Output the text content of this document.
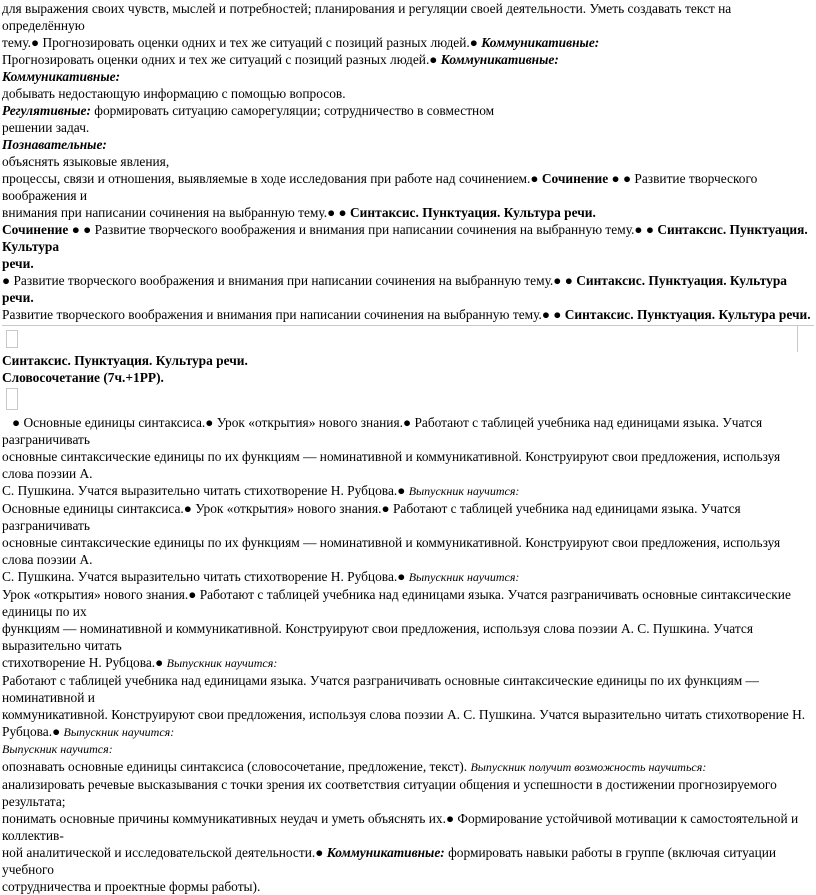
для выражения своих чувств, мыслей и потребностей; планирования и регуляции своей деятельности. Уметь создавать текст на определённую

тему.● Прогнозировать оценки одних и тех же ситуаций с позиций разных людей.● Коммуникативные:

Прогнозировать оценки одних и тех же ситуаций с позиций разных людей.● Коммуникативные:

Коммуникативные:

добывать недостающую информацию с помощью вопросов.

Регулятивные: формировать ситуацию саморегуляции; сотрудничество в совместном

решении задач.

Познавательные:

объяснять языковые явления,

процессы, связи и отношения, выявляемые в ходе исследования при работе над сочинением.● Сочинение ● ● Развитие творческого воображения и

внимания при написании сочинения на выбранную тему.● ● Синтаксис. Пунктуация. Культура речи.

Сочинение ● ● Развитие творческого воображения и внимания при написании сочинения на выбранную тему.● ● Синтаксис. Пунктуация. Культура

речи.

● Развитие творческого воображения и внимания при написании сочинения на выбранную тему.● ● Синтаксис. Пунктуация. Культура речи.

Развитие творческого воображения и внимания при написании сочинения на выбранную тему.● ● Синтаксис. Пунктуация. Культура речи.

Синтаксис. Пунктуация. Культура речи.

Словосочетание (7ч.+1РР).

● Основные единицы синтаксиса.● Урок «открытия» нового знания.● Работают с таблицей учебника над единицами языка. Учатся разграничивать

основные синтаксические единицы по их функциям — номинативной и коммуникативной. Конструируют свои предложения, используя слова поэзии А.

С. Пушкина. Учатся выразительно читать стихотворение Н. Рубцова.● Выпускник научится:

Основные единицы синтаксиса.● Урок «открытия» нового знания.● Работают с таблицей учебника над единицами языка. Учатся разграничивать

основные синтаксические единицы по их функциям — номинативной и коммуникативной. Конструируют свои предложения, используя слова поэзии А.

С. Пушкина. Учатся выразительно читать стихотворение Н. Рубцова.● Выпускник научится:

Урок «открытия» нового знания.● Работают с таблицей учебника над единицами языка. Учатся разграничивать основные синтаксические единицы по их

функциям — номинативной и коммуникативной. Конструируют свои предложения, используя слова поэзии А. С. Пушкина. Учатся выразительно читать

стихотворение Н. Рубцова.● Выпускник научится:

Работают с таблицей учебника над единицами языка. Учатся разграничивать основные синтаксические единицы по их функциям — номинативной и

коммуникативной. Конструируют свои предложения, используя слова поэзии А. С. Пушкина. Учатся выразительно читать стихотворение Н.

Рубцова.● Выпускник научится:

Выпускник научится:

опознавать основные единицы синтаксиса (словосочетание, предложение, текст). Выпускник получит возможность научиться:

анализировать речевые высказывания с точки зрения их соответствия ситуации общения и успешности в достижении прогнозируемого результата;

понимать основные причины коммуникативных неудач и уметь объяснять их.● Формирование устойчивой мотивации к самостоятельной и коллектив-

ной аналитической и исследовательской деятельности.● Коммуникативные: формировать навыки работы в группе (включая ситуации учебного

сотрудничества и проектные формы работы).
